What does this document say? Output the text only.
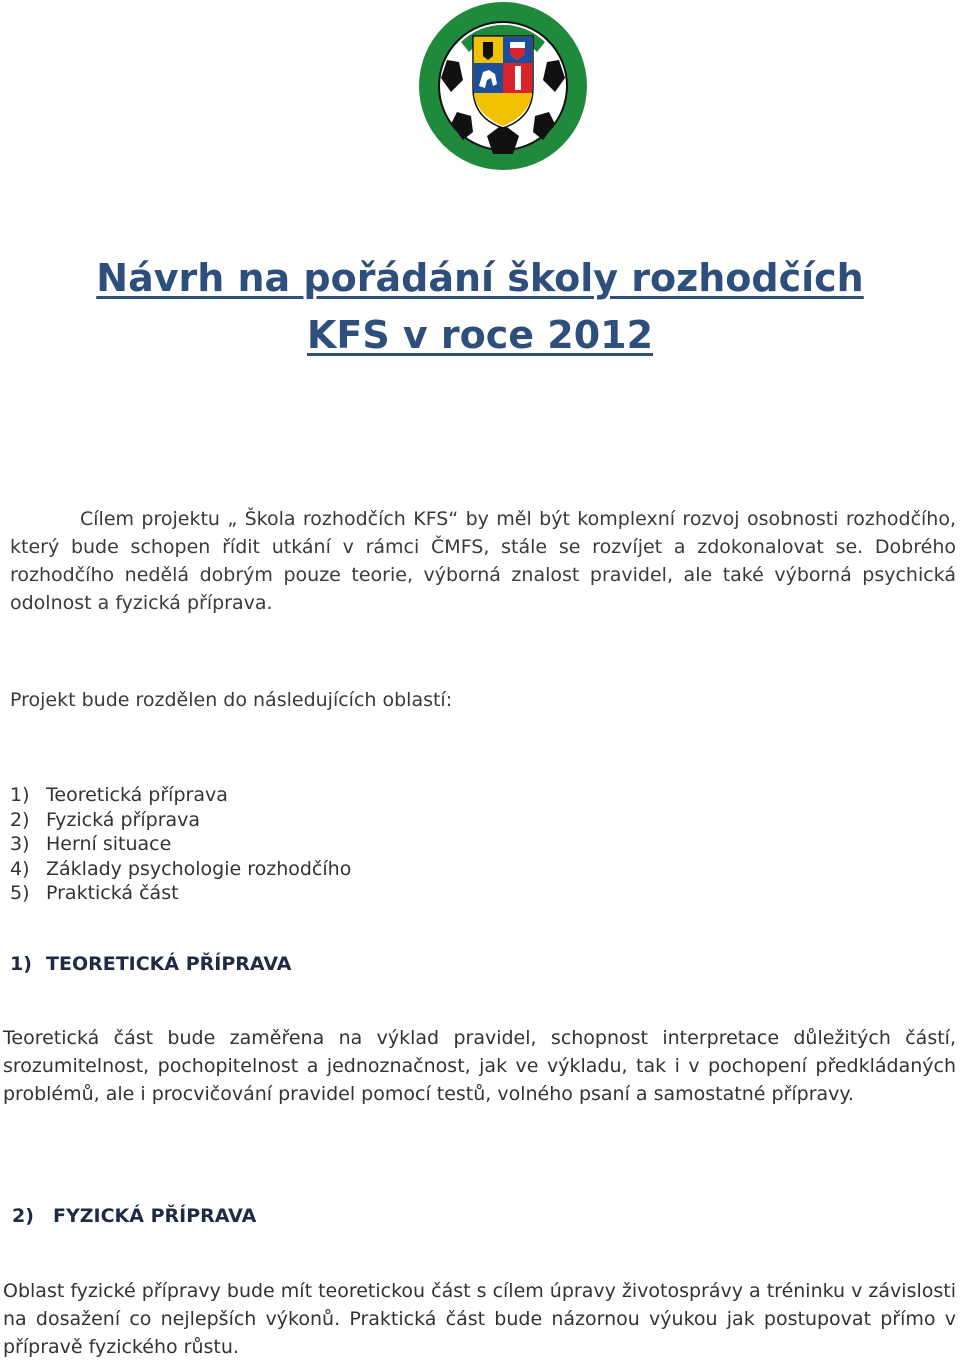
Návrh na pořádání školy rozhodčích
KFS v roce 2012

Cílem projektu „ Škola rozhodčích KFS“ by měl být komplexní rozvoj osobnosti rozhodčího, který bude schopen řídit utkání v rámci ČMFS, stále se rozvíjet a zdokonalovat se. Dobrého rozhodčího nedělá dobrým pouze teorie, výborná znalost pravidel, ale také výborná psychická odolnost a fyzická příprava.

Projekt bude rozdělen do následujících oblastí:

1) Teoretická příprava
2) Fyzická příprava
3) Herní situace
4) Základy psychologie rozhodčího
5) Praktická část
1) TEORETICKÁ PŘÍPRAVA

Teoretická část bude zaměřena na výklad pravidel, schopnost interpretace důležitých částí, srozumitelnost, pochopitelnost a jednoznačnost, jak ve výkladu, tak i v pochopení předkládaných problémů, ale i procvičování pravidel pomocí testů, volného psaní a samostatné přípravy.

2) FYZICKÁ PŘÍPRAVA

Oblast fyzické přípravy bude mít teoretickou část s cílem úpravy životosprávy a tréninku v závislosti na dosažení co nejlepších výkonů. Praktická část bude názornou výukou jak postupovat přímo v přípravě fyzického růstu.
